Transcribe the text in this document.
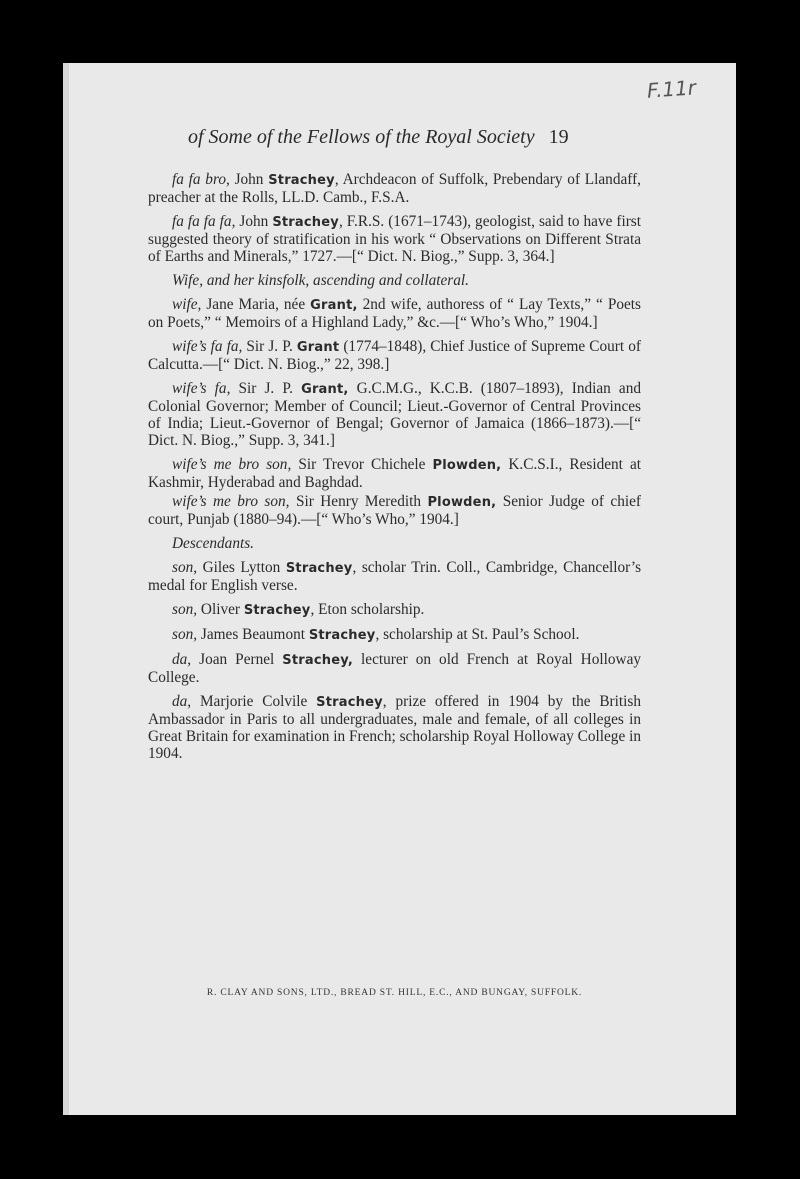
F.11r
of Some of the Fellows of the Royal Society 19

fa fa bro, John Strachey, Archdeacon of Suffolk, Prebendary of Llandaff, preacher at the Rolls, LL.D. Camb., F.S.A.

fa fa fa fa, John Strachey, F.R.S. (1671–1743), geologist, said to have first suggested theory of stratification in his work “ Observations on Different Strata of Earths and Minerals,” 1727.—[“ Dict. N. Biog.,” Supp. 3, 364.]

Wife, and her kinsfolk, ascending and collateral.

wife, Jane Maria, née Grant, 2nd wife, authoress of “ Lay Texts,” “ Poets on Poets,” “ Memoirs of a Highland Lady,” &c.—[“ Who’s Who,” 1904.]

wife’s fa fa, Sir J. P. Grant (1774–1848), Chief Justice of Supreme Court of Calcutta.—[“ Dict. N. Biog.,” 22, 398.]

wife’s fa, Sir J. P. Grant, G.C.M.G., K.C.B. (1807–1893), Indian and Colonial Governor; Member of Council; Lieut.-Governor of Central Provinces of India; Lieut.-Governor of Bengal; Governor of Jamaica (1866–1873).—[“ Dict. N. Biog.,” Supp. 3, 341.]

wife’s me bro son, Sir Trevor Chichele Plowden, K.C.S.I., Resident at Kashmir, Hyderabad and Baghdad.

wife’s me bro son, Sir Henry Meredith Plowden, Senior Judge of chief court, Punjab (1880–94).—[“ Who’s Who,” 1904.]

Descendants.

son, Giles Lytton Strachey, scholar Trin. Coll., Cambridge, Chancellor’s medal for English verse.

son, Oliver Strachey, Eton scholarship.

son, James Beaumont Strachey, scholarship at St. Paul’s School.

da, Joan Pernel Strachey, lecturer on old French at Royal Holloway College.

da, Marjorie Colvile Strachey, prize offered in 1904 by the British Ambassador in Paris to all undergraduates, male and female, of all colleges in Great Britain for examination in French; scholarship Royal Holloway College in 1904.

R. CLAY AND SONS, LTD., BREAD ST. HILL, E.C., AND BUNGAY, SUFFOLK.
